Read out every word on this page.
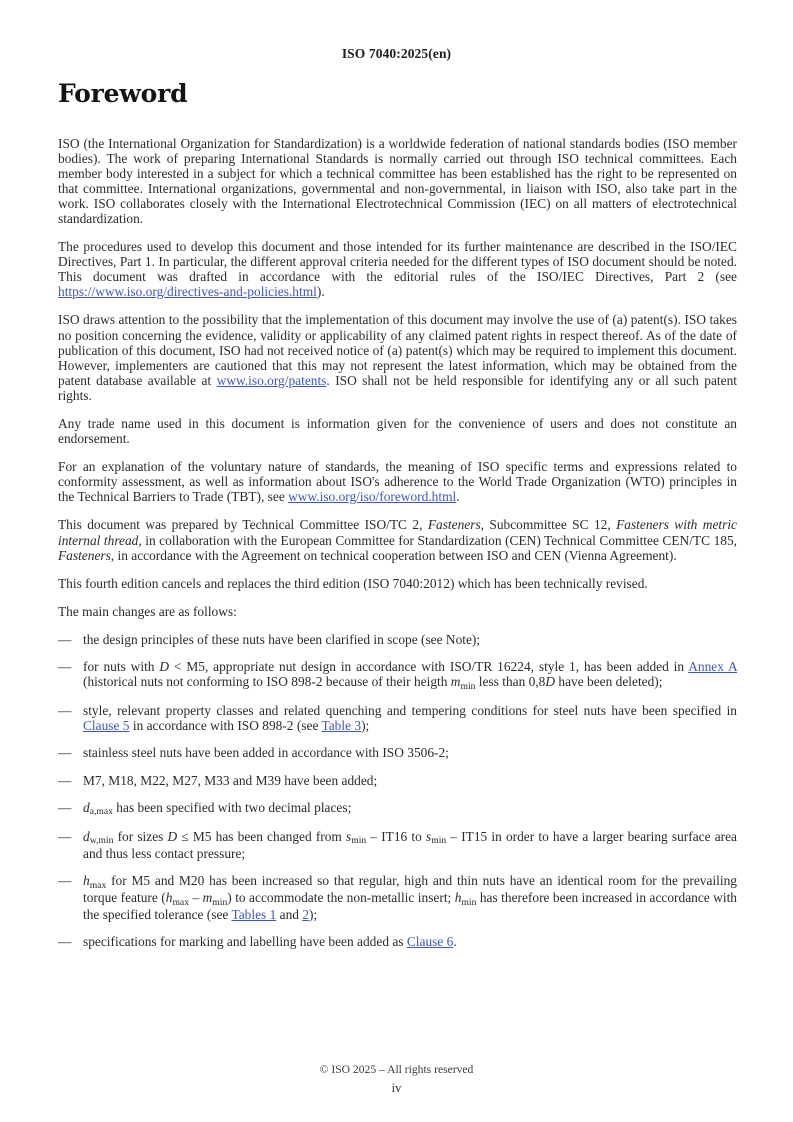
ISO 7040:2025(en)
Foreword

ISO (the International Organization for Standardization) is a worldwide federation of national standards bodies (ISO member bodies). The work of preparing International Standards is normally carried out through ISO technical committees. Each member body interested in a subject for which a technical committee has been established has the right to be represented on that committee. International organizations, governmental and non-governmental, in liaison with ISO, also take part in the work. ISO collaborates closely with the International Electrotechnical Commission (IEC) on all matters of electrotechnical standardization.

The procedures used to develop this document and those intended for its further maintenance are described in the ISO/IEC Directives, Part 1. In particular, the different approval criteria needed for the different types of ISO document should be noted. This document was drafted in accordance with the editorial rules of the ISO/IEC Directives, Part 2 (see https://www.iso.org/directives-and-policies.html).

ISO draws attention to the possibility that the implementation of this document may involve the use of (a) patent(s). ISO takes no position concerning the evidence, validity or applicability of any claimed patent rights in respect thereof. As of the date of publication of this document, ISO had not received notice of (a) patent(s) which may be required to implement this document. However, implementers are cautioned that this may not represent the latest information, which may be obtained from the patent database available at www.iso.org/patents. ISO shall not be held responsible for identifying any or all such patent rights.

Any trade name used in this document is information given for the convenience of users and does not constitute an endorsement.

For an explanation of the voluntary nature of standards, the meaning of ISO specific terms and expressions related to conformity assessment, as well as information about ISO's adherence to the World Trade Organization (WTO) principles in the Technical Barriers to Trade (TBT), see www.iso.org/iso/foreword.html.

This document was prepared by Technical Committee ISO/TC 2, Fasteners, Subcommittee SC 12, Fasteners with metric internal thread, in collaboration with the European Committee for Standardization (CEN) Technical Committee CEN/TC 185, Fasteners, in accordance with the Agreement on technical cooperation between ISO and CEN (Vienna Agreement).

This fourth edition cancels and replaces the third edition (ISO 7040:2012) which has been technically revised.

The main changes are as follows:

— the design principles of these nuts have been clarified in scope (see Note);
— for nuts with D < M5, appropriate nut design in accordance with ISO/TR 16224, style 1, has been added in Annex A (historical nuts not conforming to ISO 898-2 because of their heigth $m_{min}$ less than 0,8D have been deleted);
— style, relevant property classes and related quenching and tempering conditions for steel nuts have been specified in Clause 5 in accordance with ISO 898-2 (see Table 3);
— stainless steel nuts have been added in accordance with ISO 3506-2;
— M7, M18, M22, M27, M33 and M39 have been added;
— $d_{a,max}$ has been specified with two decimal places;
— $d_{w,min}$ for sizes D ≤ M5 has been changed from $s_{min} - IT16$ to $s_{min} - IT15$ in order to have a larger bearing surface area and thus less contact pressure;
— $h_{max}$ for M5 and M20 has been increased so that regular, high and thin nuts have an identical room for the prevailing torque feature $(h_{max} - m_{min})$ to accommodate the non-metallic insert; $h_{min}$ has therefore been increased in accordance with the specified tolerance (see Tables 1 and 2);
— specifications for marking and labelling have been added as Clause 6.
© ISO 2025 – All rights reserved
iv
